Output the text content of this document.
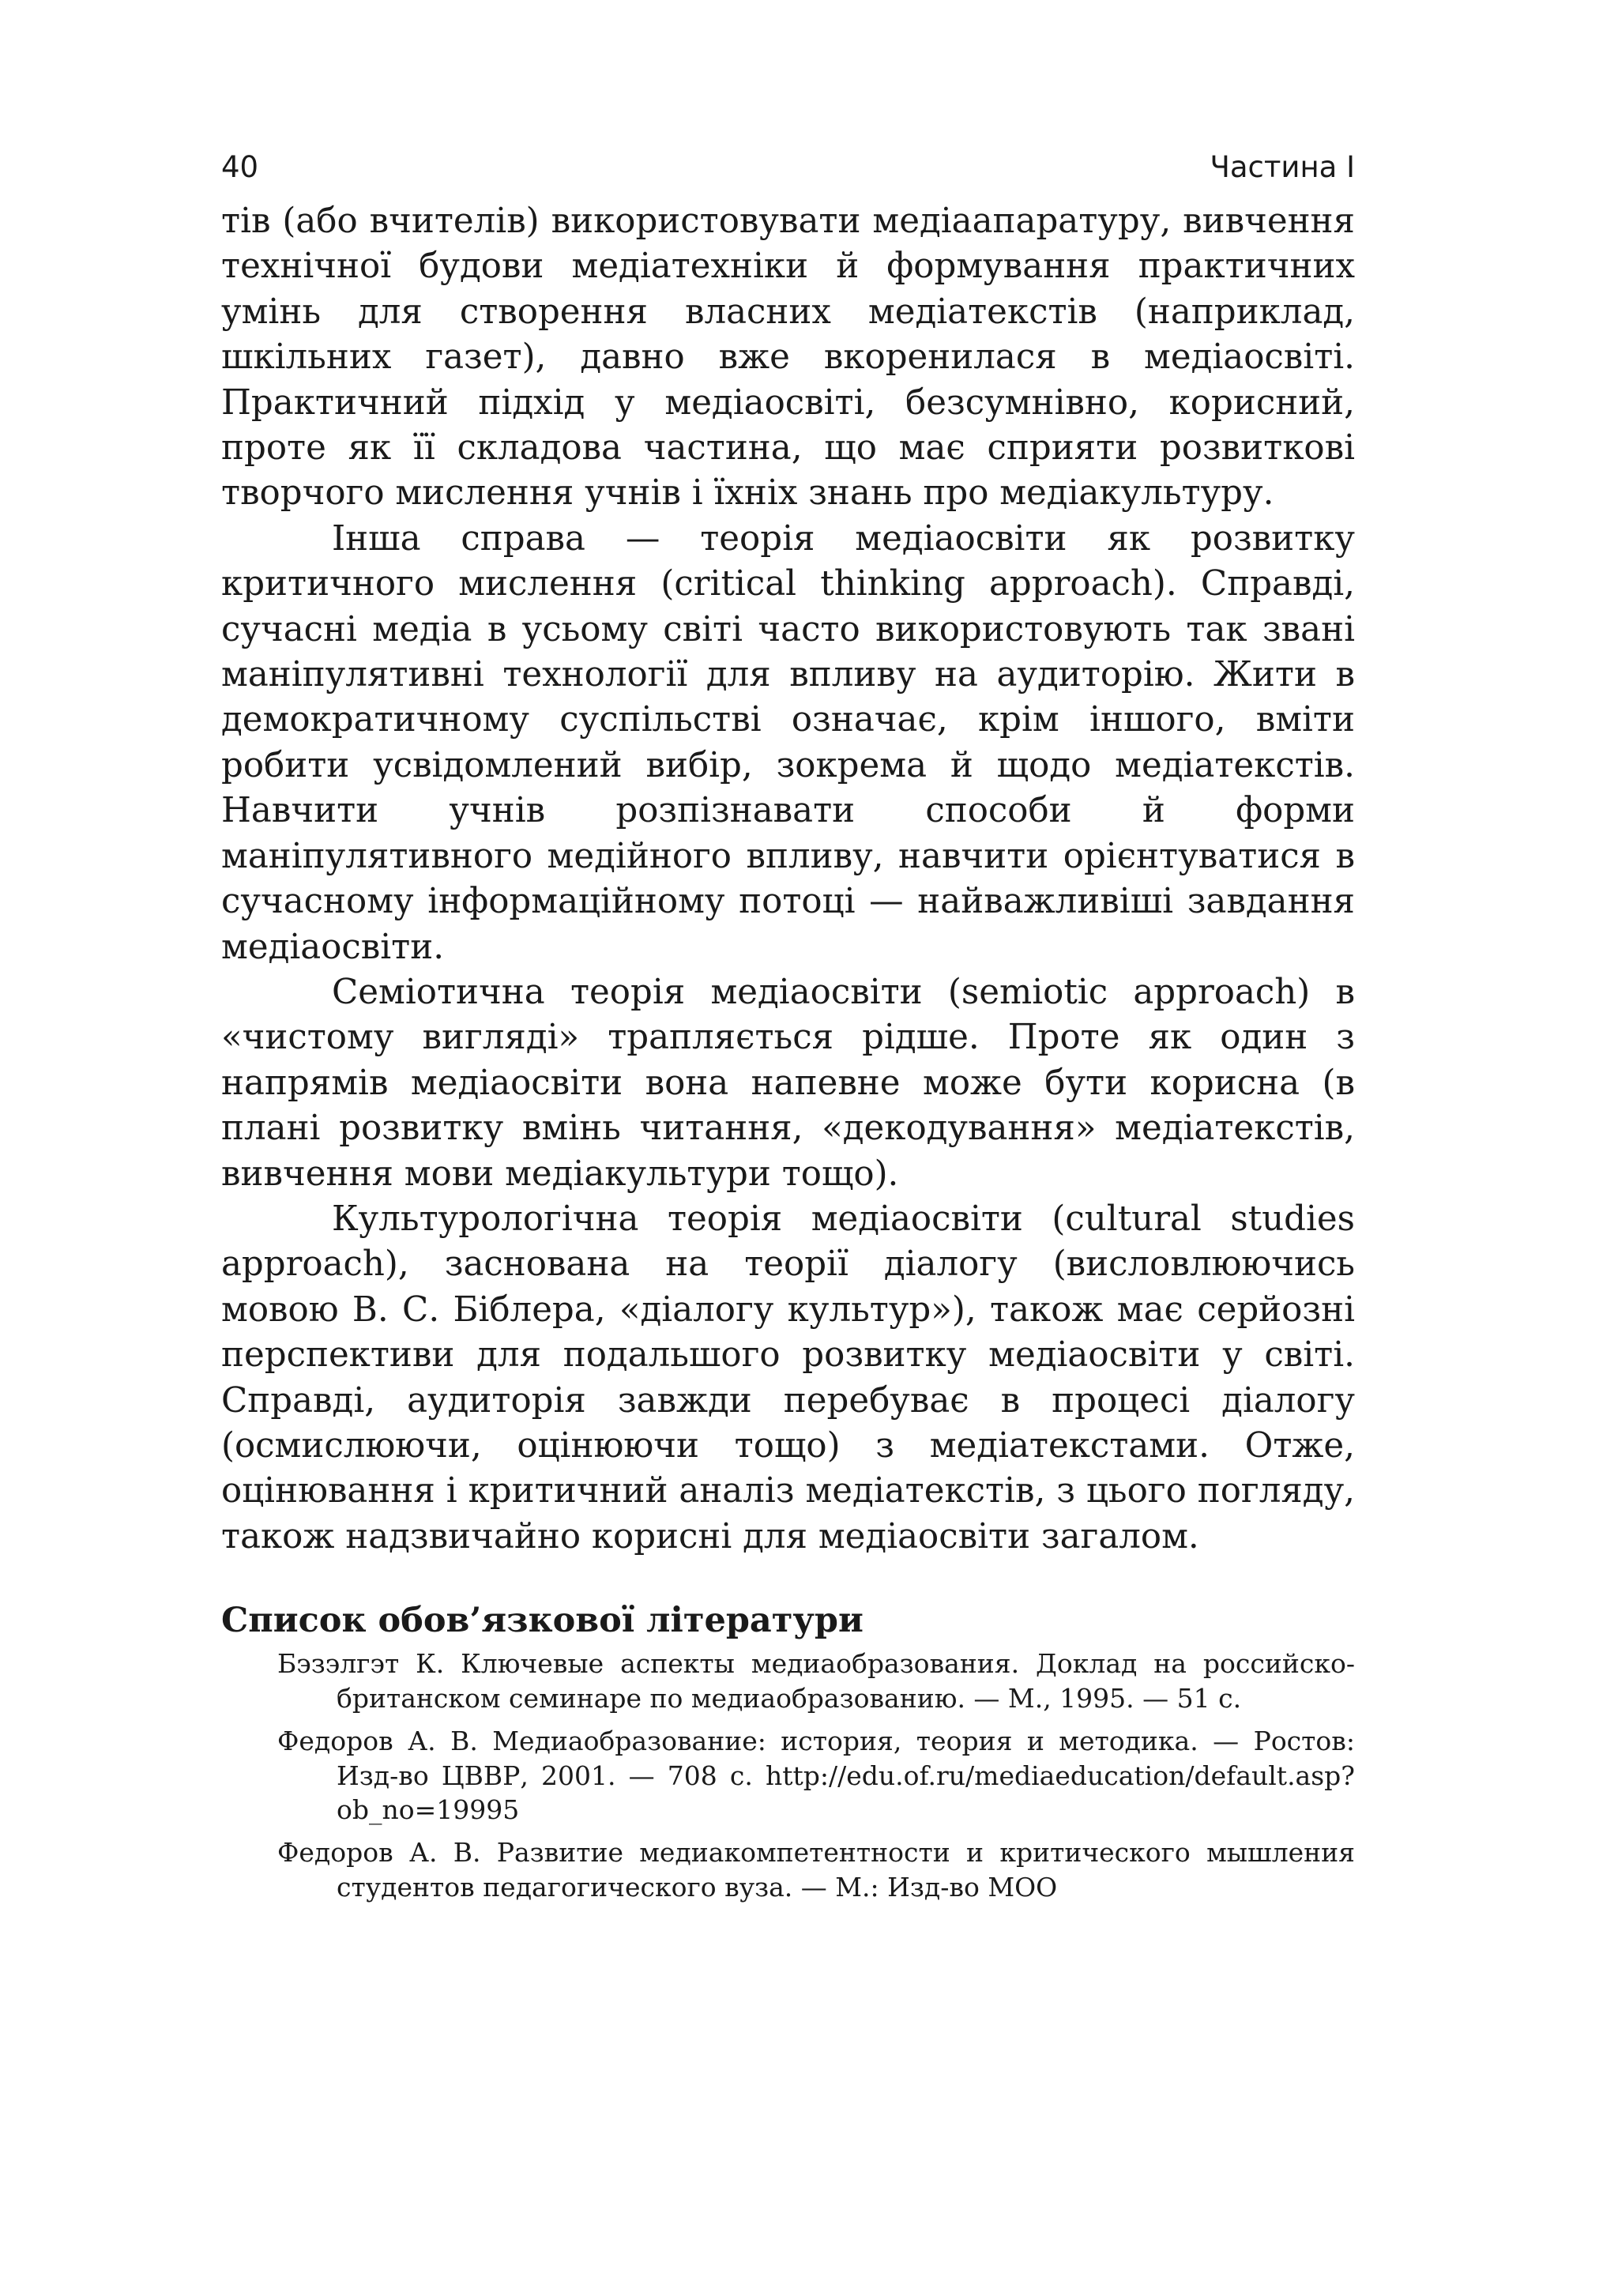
40	Частина І

тів (або вчителів) використовувати медіаапаратуру, вивчення технічної будови медіатехніки й формування практичних умінь для створення власних медіатекстів (наприклад, шкільних газет), давно вже вкоренилася в медіаосвіті. Практичний підхід у медіаосвіті, безсумнівно, корисний, проте як її складова частина, що має сприяти розвиткові творчого мислення учнів і їхніх знань про медіакультуру.

Інша справа — теорія медіаосвіти як розвитку критичного мислення (critical thinking approach). Справді, сучасні медіа в усьому світі часто використовують так звані маніпулятивні технології для впливу на аудиторію. Жити в демократичному суспільстві означає, крім іншого, вміти робити усвідомлений вибір, зокрема й щодо медіатекстів. Навчити учнів розпізнавати способи й форми маніпулятивного медійного впливу, навчити орієнтуватися в сучасному інформаційному потоці — найважливіші завдання медіаосвіти.

Семіотична теорія медіаосвіти (semiotic approach) в «чистому вигляді» трапляється рідше. Проте як один з напрямів медіаосвіти вона напевне може бути корисна (в плані розвитку вмінь читання, «декодування» медіатекстів, вивчення мови медіакультури тощо).

Культурологічна теорія медіаосвіти (cultural studies approach), заснована на теорії діалогу (висловлюючись мовою В. С. Біблера, «діалогу культур»), також має серйозні перспективи для подальшого розвитку медіаосвіти у світі. Справді, аудиторія завжди перебуває в процесі діалогу (осмислюючи, оцінюючи тощо) з медіатекстами. Отже, оцінювання і критичний аналіз медіатекстів, з цього погляду, також надзвичайно корисні для медіаосвіти загалом.

Список обов’язкової літератури
Бэзэлгэт К. Ключевые аспекты медиаобразования. Доклад на российско-британском семинаре по медиаобразованию. — М., 1995. — 51 с.
Федоров А. В. Медиаобразование: история, теория и методика. — Ростов: Изд-во ЦВВР, 2001. — 708 с. http://edu.of.ru/mediaeducation/default.asp?ob_no=19995
Федоров А. В. Развитие медиакомпетентности и критического мышления студентов педагогического вуза. — М.: Изд-во МОО
